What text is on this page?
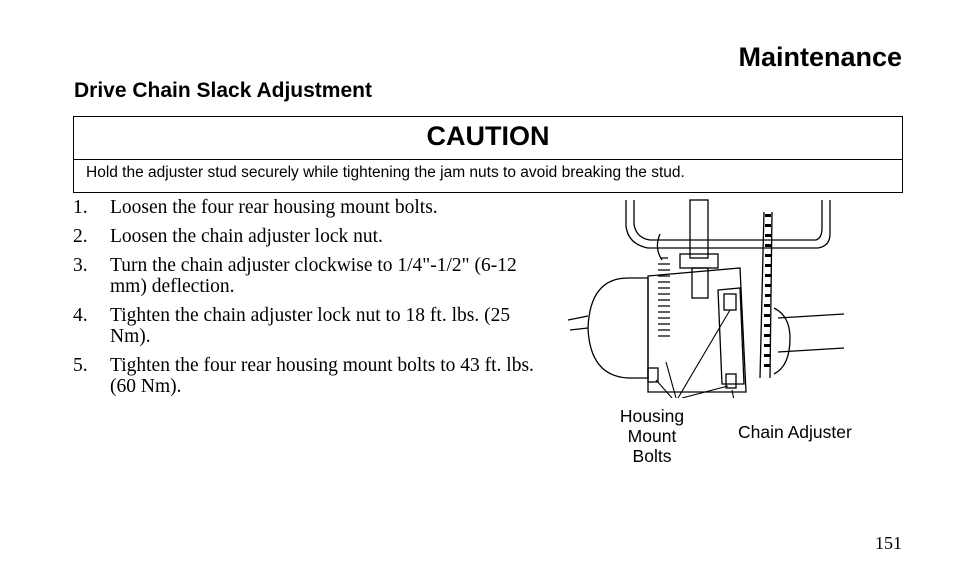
Maintenance
Drive Chain Slack Adjustment
CAUTION
Hold the adjuster stud securely while tightening the jam nuts to avoid breaking the stud.
1.	Loosen the four rear housing mount bolts.
2.	Loosen the chain adjuster lock nut.
3.	Turn the chain adjuster clockwise to 1/4"-1/2" (6-12 mm) deflection.
4.	Tighten the chain adjuster lock nut to 18 ft. lbs. (25 Nm).
5.	Tighten the four rear housing mount bolts to 43 ft. lbs. (60 Nm).
Housing
Mount
Bolts
Chain Adjuster
151
